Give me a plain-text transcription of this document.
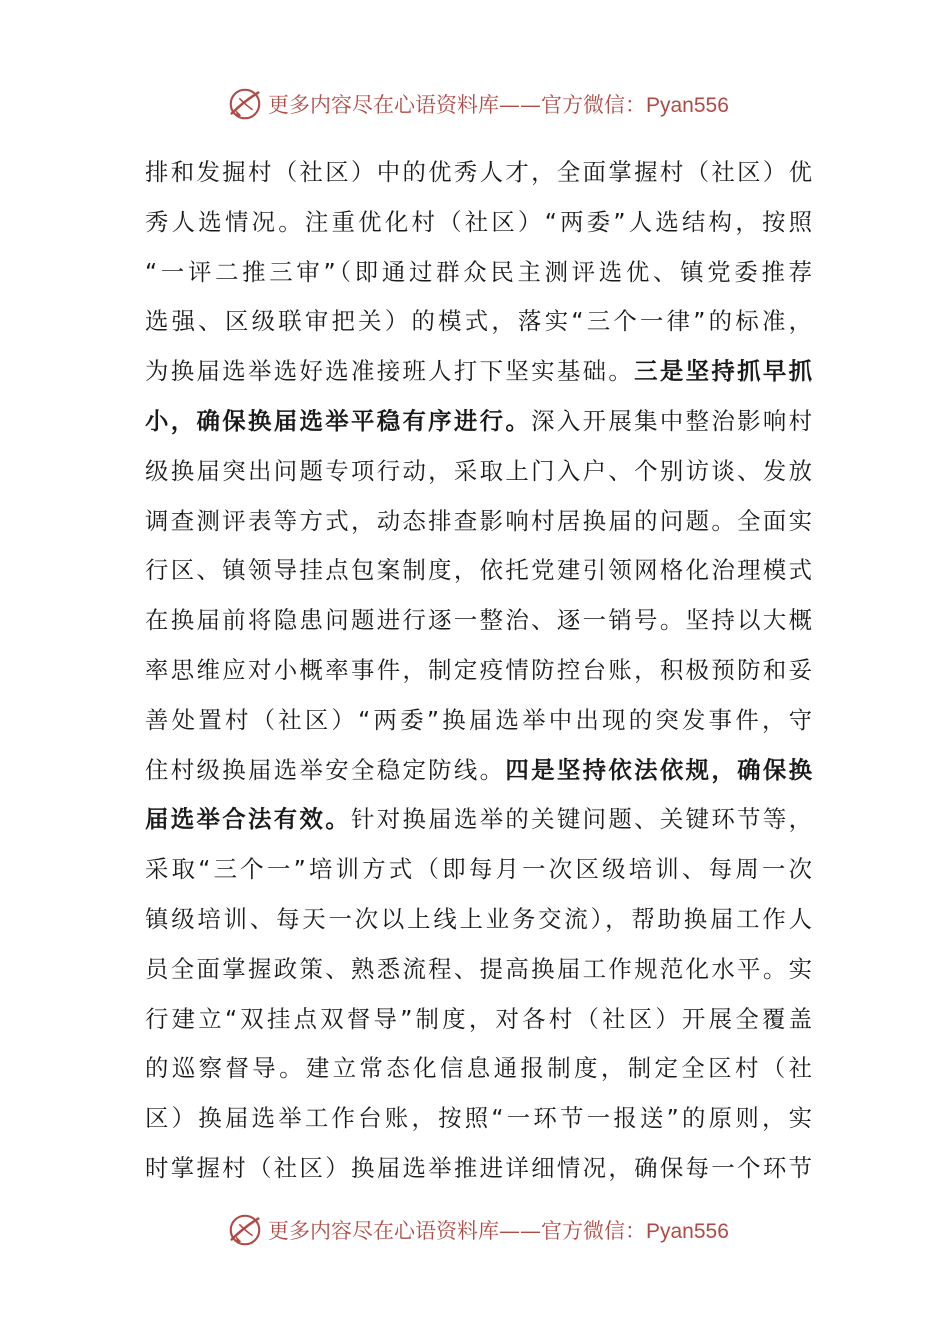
更多内容尽在心语资料库——官方微信：Pyan556
排和发掘村（社区）中的优秀人才，全面掌握村（社区）优
秀人选情况。注重优化村（社区）“两委”人选结构，按照
“一评二推三审”（即通过群众民主测评选优、镇党委推荐
选强、区级联审把关）的模式，落实“三个一律”的标准，
为换届选举选好选准接班人打下坚实基础。三是坚持抓早抓
小，确保换届选举平稳有序进行。深入开展集中整治影响村
级换届突出问题专项行动，采取上门入户、个别访谈、发放
调查测评表等方式，动态排查影响村居换届的问题。全面实
行区、镇领导挂点包案制度，依托党建引领网格化治理模式
在换届前将隐患问题进行逐一整治、逐一销号。坚持以大概
率思维应对小概率事件，制定疫情防控台账，积极预防和妥
善处置村（社区）“两委”换届选举中出现的突发事件，守
住村级换届选举安全稳定防线。四是坚持依法依规，确保换
届选举合法有效。针对换届选举的关键问题、关键环节等，
采取“三个一”培训方式（即每月一次区级培训、每周一次
镇级培训、每天一次以上线上业务交流），帮助换届工作人
员全面掌握政策、熟悉流程、提高换届工作规范化水平。实
行建立“双挂点双督导”制度，对各村（社区）开展全覆盖
的巡察督导。建立常态化信息通报制度，制定全区村（社
区）换届选举工作台账，按照“一环节一报送”的原则，实
时掌握村（社区）换届选举推进详细情况，确保每一个环节
更多内容尽在心语资料库——官方微信：Pyan556
